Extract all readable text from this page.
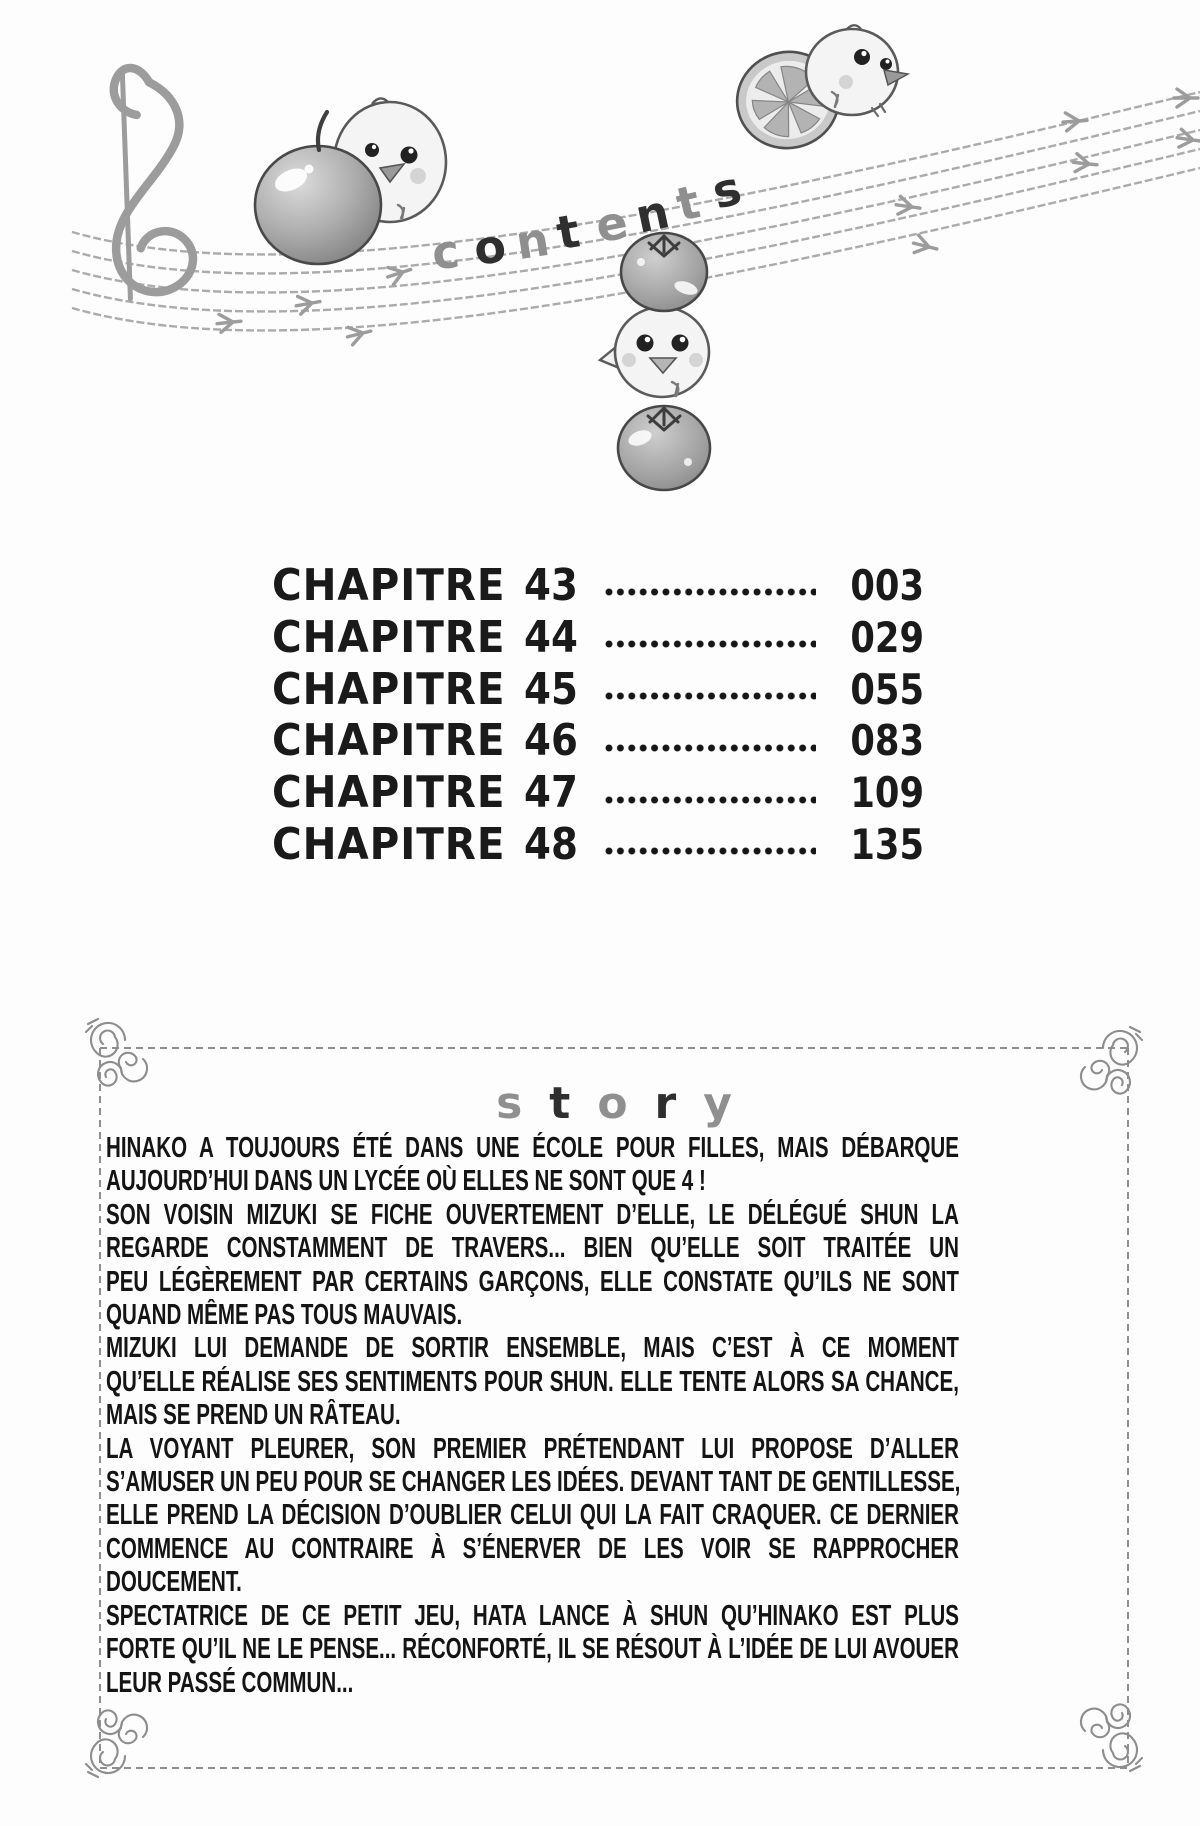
c o n t e
n
t s
CHAPITRE 43	003
CHAPITRE 44	029
CHAPITRE 45	055
CHAPITRE 46	083
CHAPITRE 47	109
CHAPITRE 48	135
s t o r y
HINAKO A TOUJOURS ÉTÉ DANS UNE ÉCOLE POUR FILLES, MAIS DÉBARQUE
AUJOURD’HUI DANS UN LYCÉE OÙ ELLES NE SONT QUE 4 !
SON VOISIN MIZUKI SE FICHE OUVERTEMENT D’ELLE, LE DÉLÉGUÉ SHUN LA
REGARDE CONSTAMMENT DE TRAVERS... BIEN QU’ELLE SOIT TRAITÉE UN
PEU LÉGÈREMENT PAR CERTAINS GARÇONS, ELLE CONSTATE QU’ILS NE SONT
QUAND MÊME PAS TOUS MAUVAIS.
MIZUKI LUI DEMANDE DE SORTIR ENSEMBLE, MAIS C’EST À CE MOMENT
QU’ELLE RÉALISE SES SENTIMENTS POUR SHUN. ELLE TENTE ALORS SA CHANCE,
MAIS SE PREND UN RÂTEAU.
LA VOYANT PLEURER, SON PREMIER PRÉTENDANT LUI PROPOSE D’ALLER
S’AMUSER UN PEU POUR SE CHANGER LES IDÉES. DEVANT TANT DE GENTILLESSE,
ELLE PREND LA DÉCISION D’OUBLIER CELUI QUI LA FAIT CRAQUER. CE DERNIER
COMMENCE AU CONTRAIRE À S’ÉNERVER DE LES VOIR SE RAPPROCHER
DOUCEMENT.
SPECTATRICE DE CE PETIT JEU, HATA LANCE À SHUN QU’HINAKO EST PLUS
FORTE QU’IL NE LE PENSE... RÉCONFORTÉ, IL SE RÉSOUT À L’IDÉE DE LUI AVOUER
LEUR PASSÉ COMMUN...
